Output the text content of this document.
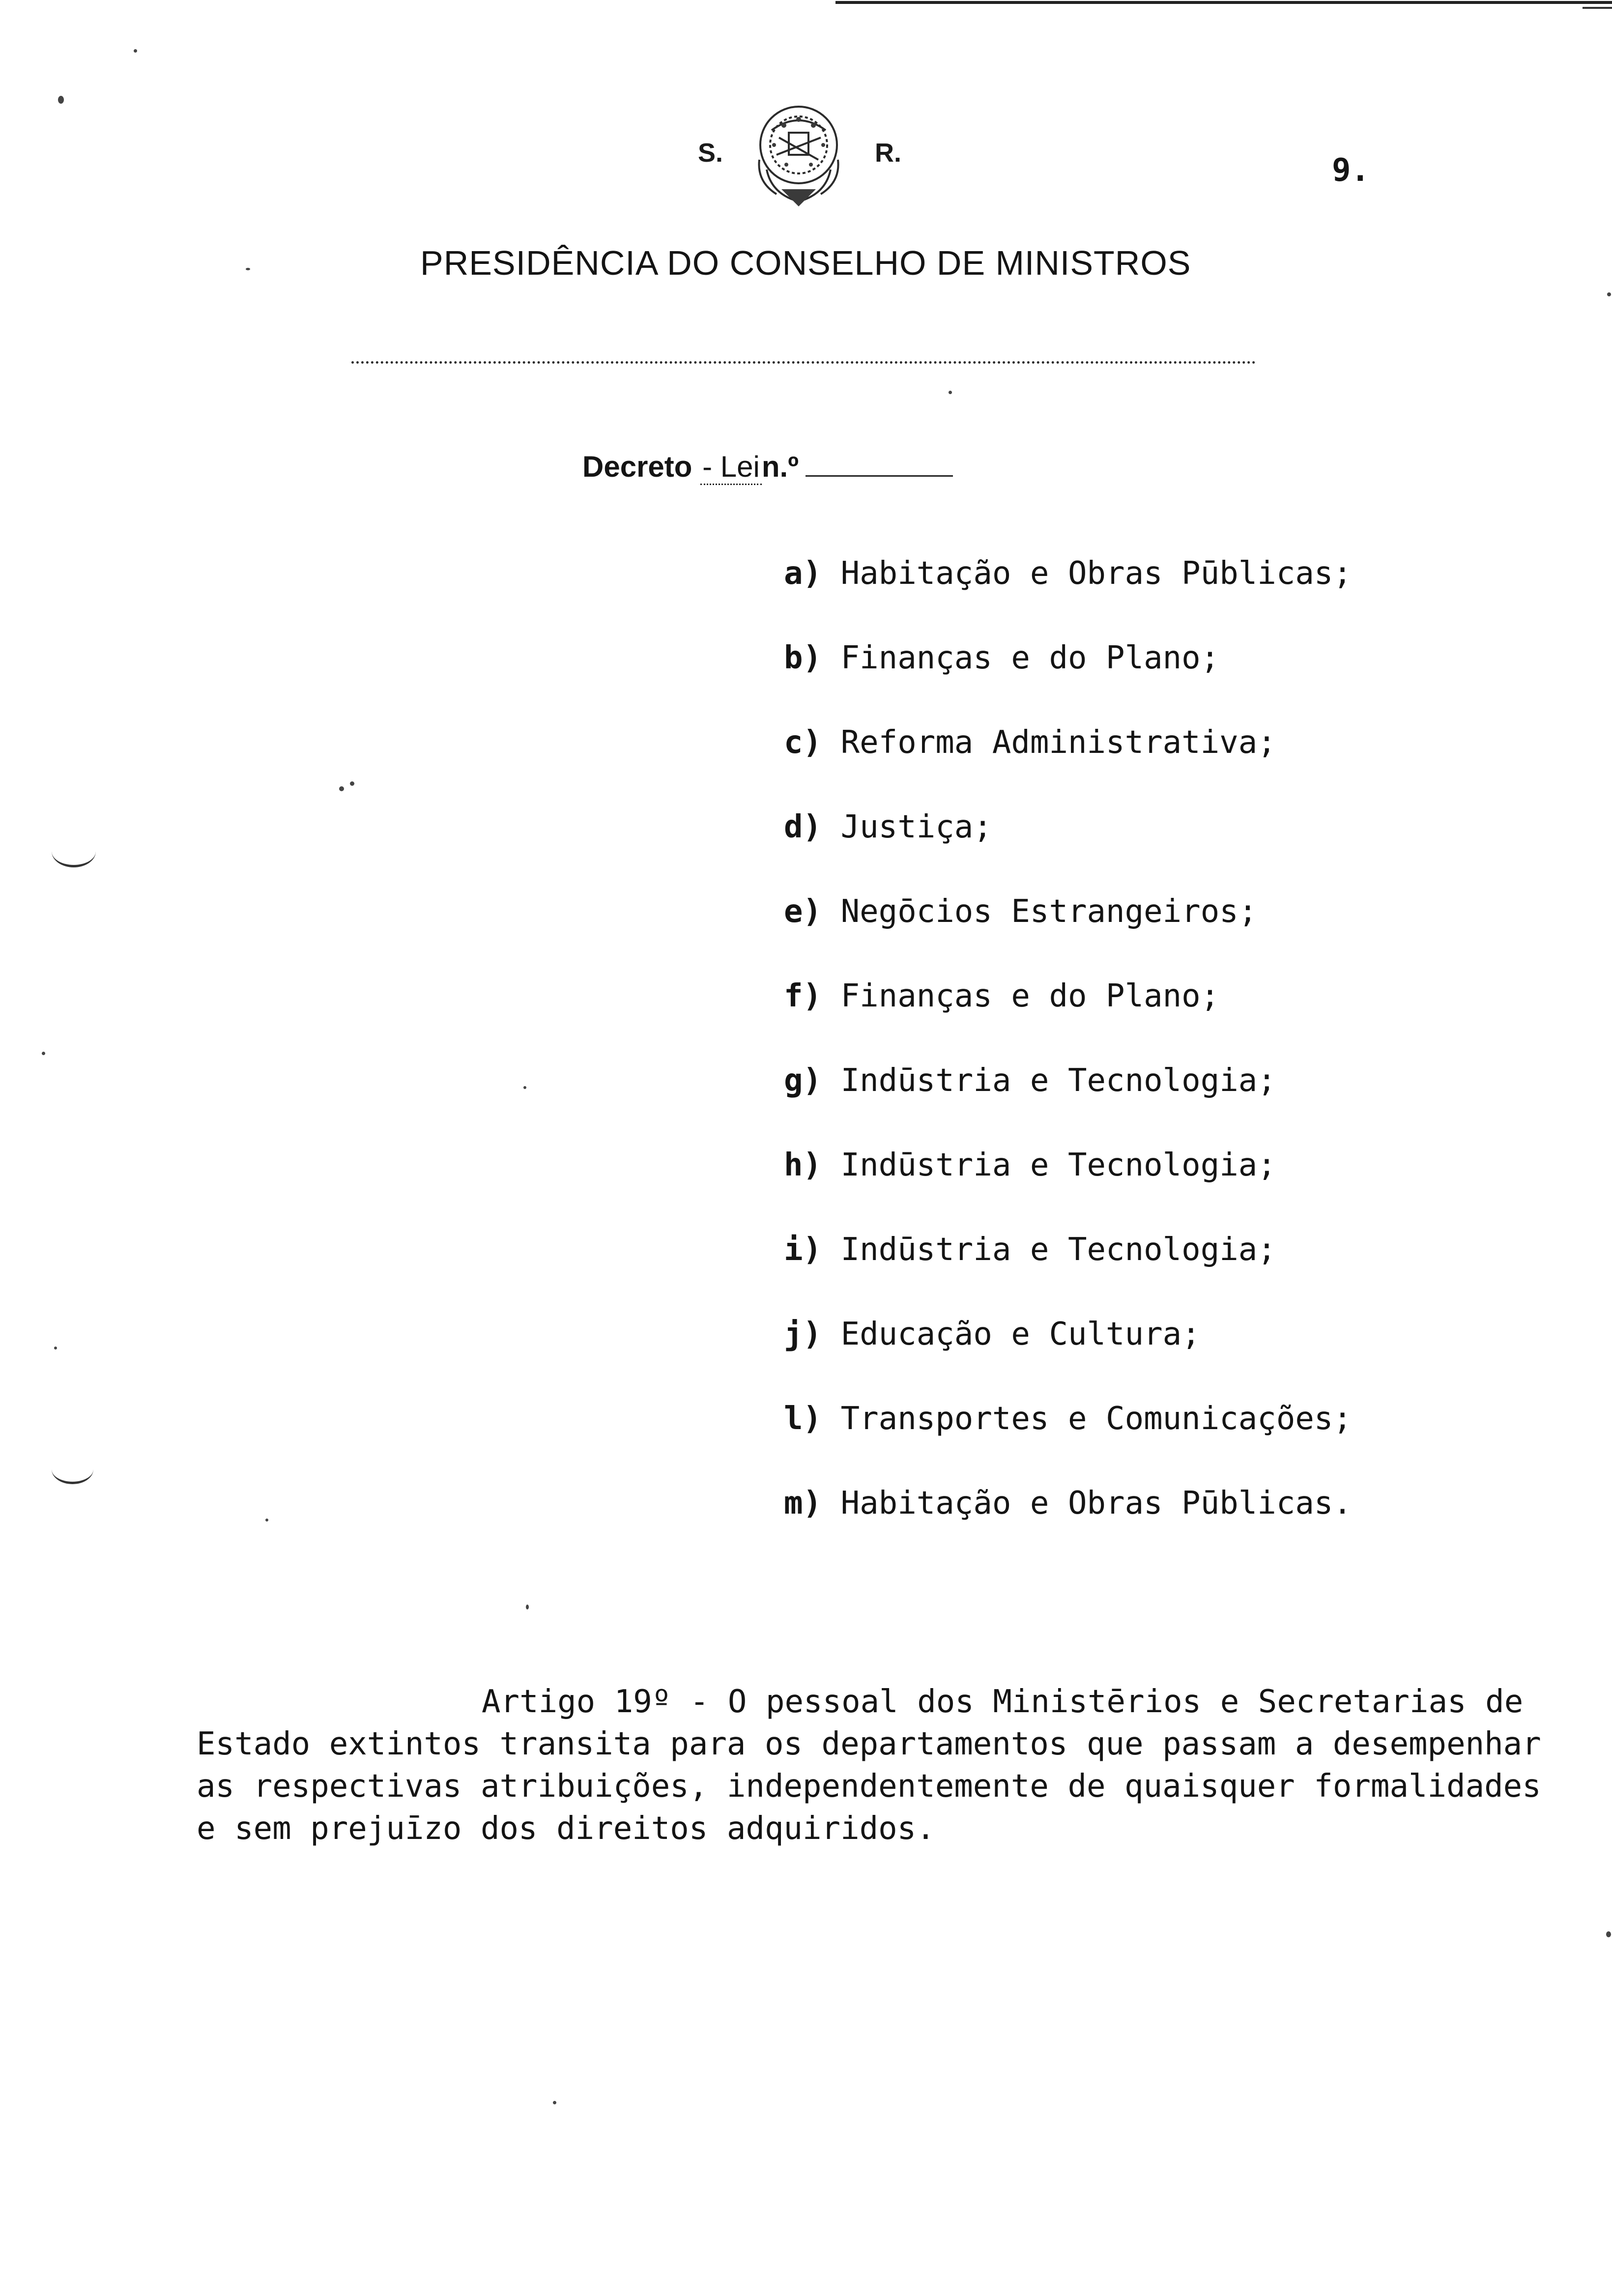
S.	R.	9.
PRESIDÊNCIA DO CONSELHO DE MINISTROS
Decreto - Lein.º
a) Habitação e Obras Pūblicas;
b) Finanças e do Plano;
c) Reforma Administrativa;
d) Justiça;
e) Negōcios Estrangeiros;
f) Finanças e do Plano;
g) Indūstria e Tecnologia;
h) Indūstria e Tecnologia;
i) Indūstria e Tecnologia;
j) Educação e Cultura;
l) Transportes e Comunicações;
m) Habitação e Obras Pūblicas.
Artigo 19º - O pessoal dos Ministērios e Secretarias de
Estado extintos transita para os departamentos que passam a desempenhar
as respectivas atribuições, independentemente de quaisquer formalidades
e sem prejuīzo dos direitos adquiridos.
